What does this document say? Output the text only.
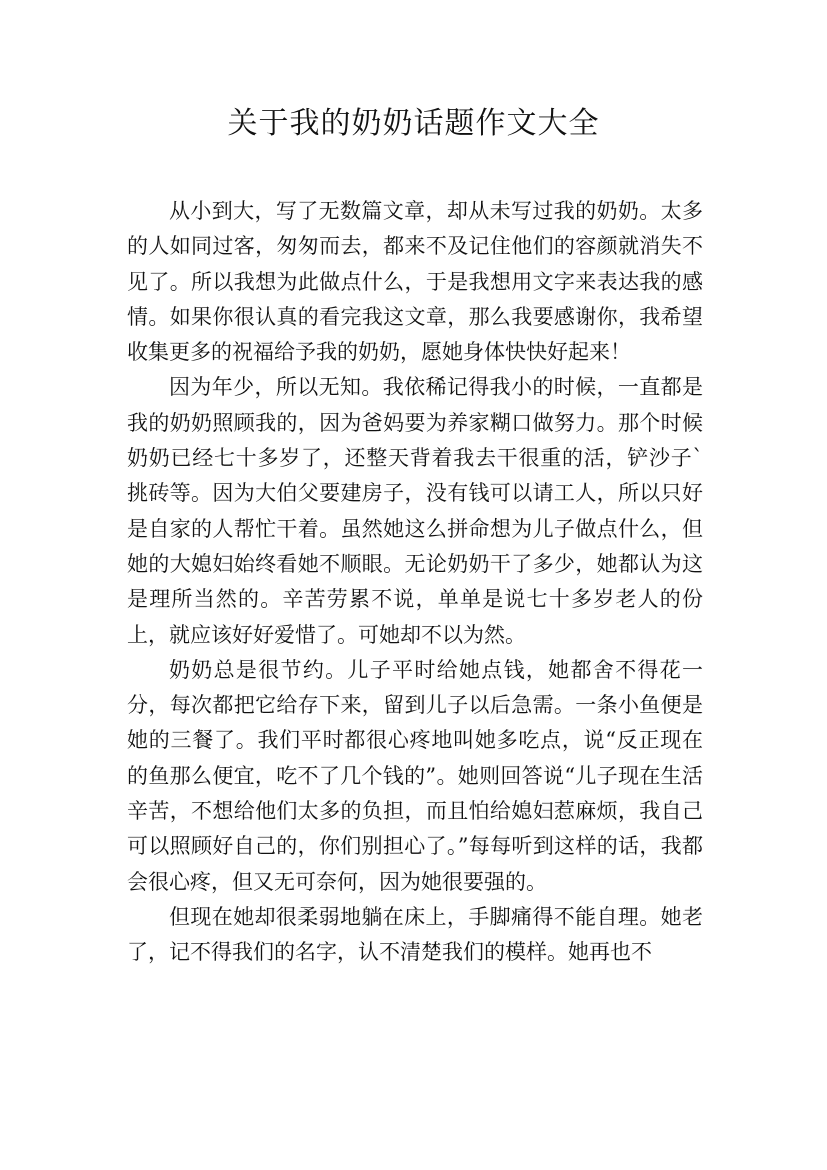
关于我的奶奶话题作文大全

从小到大，写了无数篇文章，却从未写过我的奶奶。太多的人如同过客，匆匆而去，都来不及记住他们的容颜就消失不见了。所以我想为此做点什么，于是我想用文字来表达我的感情。如果你很认真的看完我这文章，那么我要感谢你，我希望收集更多的祝福给予我的奶奶，愿她身体快快好起来！

因为年少，所以无知。我依稀记得我小的时候，一直都是我的奶奶照顾我的，因为爸妈要为养家糊口做努力。那个时候奶奶已经七十多岁了，还整天背着我去干很重的活，铲沙子`挑砖等。因为大伯父要建房子，没有钱可以请工人，所以只好是自家的人帮忙干着。虽然她这么拼命想为儿子做点什么，但她的大媳妇始终看她不顺眼。无论奶奶干了多少，她都认为这是理所当然的。辛苦劳累不说，单单是说七十多岁老人的份上，就应该好好爱惜了。可她却不以为然。

奶奶总是很节约。儿子平时给她点钱，她都舍不得花一分，每次都把它给存下来，留到儿子以后急需。一条小鱼便是她的三餐了。我们平时都很心疼地叫她多吃点，说“反正现在的鱼那么便宜，吃不了几个钱的”。她则回答说“儿子现在生活辛苦，不想给他们太多的负担，而且怕给媳妇惹麻烦，我自己可以照顾好自己的，你们别担心了。”每每听到这样的话，我都会很心疼，但又无可奈何，因为她很要强的。

但现在她却很柔弱地躺在床上，手脚痛得不能自理。她老了，记不得我们的名字，认不清楚我们的模样。她再也不
